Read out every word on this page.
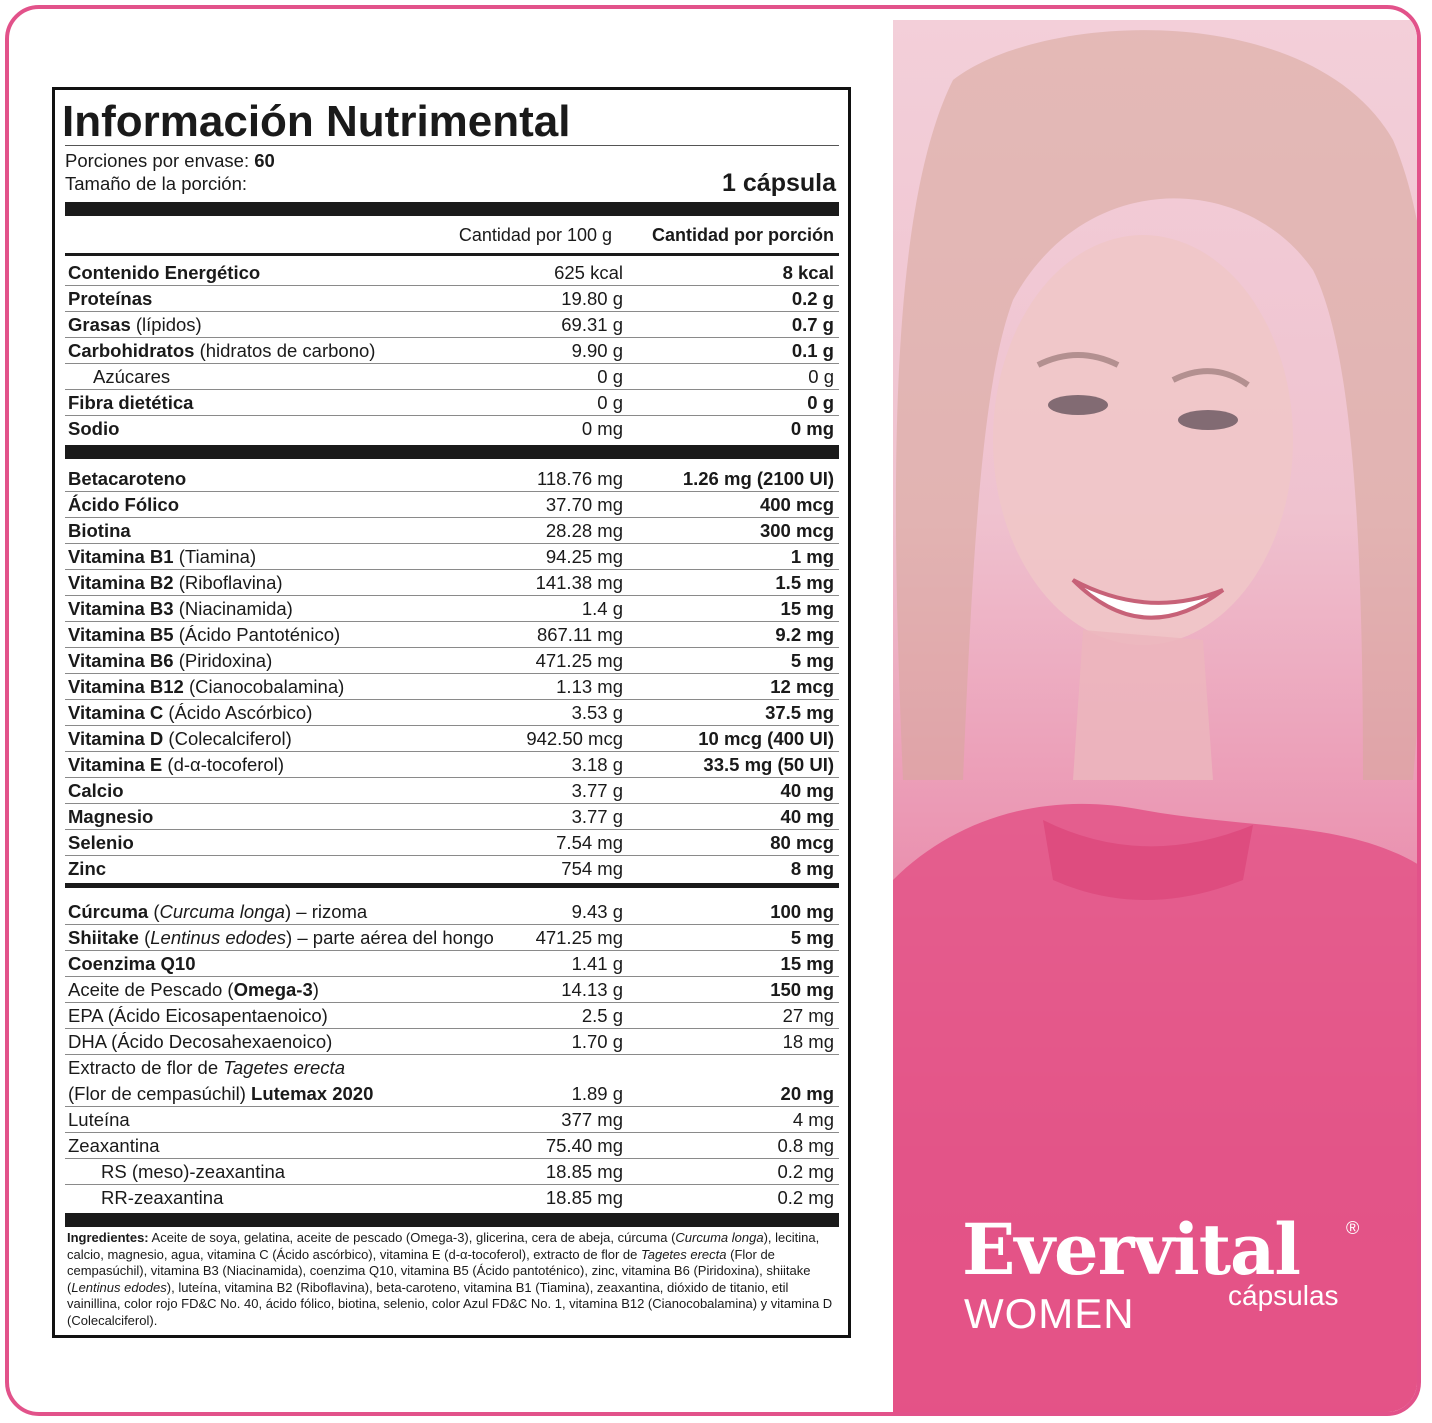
Evervital	®
WOMEN	cápsulas
Información Nutrimental
Porciones por envase: 60
Tamaño de la porción:	1 cápsula
Cantidad por 100 g Cantidad por porción
Ingredientes: Aceite de soya, gelatina, aceite de pescado (Omega-3), glicerina, cera de abeja, cúrcuma (Curcuma longa), lecitina, calcio, magnesio, agua, vitamina C (Ácido ascórbico), vitamina E (d-α-tocoferol), extracto de flor de Tagetes erecta (Flor de cempasúchil), vitamina B3 (Niacinamida), coenzima Q10, vitamina B5 (Ácido pantoténico), zinc, vitamina B6 (Piridoxina), shiitake (Lentinus edodes), luteína, vitamina B2 (Riboflavina), beta-caroteno, vitamina B1 (Tiamina), zeaxantina, dióxido de titanio, etil vainillina, color rojo FD&C No. 40, ácido fólico, biotina, selenio, color Azul FD&C No. 1, vitamina B12 (Cianocobalamina) y vitamina D (Colecalciferol).
Contenido Energético	625 kcal	8 kcal
Proteínas	19.80 g	0.2 g
Grasas (lípidos)	69.31 g	0.7 g
Carbohidratos (hidratos de carbono)	9.90 g	0.1 g
Azúcares	0 g	0 g
Fibra dietética	0 g	0 g
Sodio	0 mg	0 mg
Betacaroteno	118.76 mg	1.26 mg (2100 UI)
Ácido Fólico	37.70 mg	400 mcg
Biotina	28.28 mg	300 mcg
Vitamina B1 (Tiamina)	94.25 mg	1 mg
Vitamina B2 (Riboflavina)	141.38 mg	1.5 mg
Vitamina B3 (Niacinamida)	1.4 g	15 mg
Vitamina B5 (Ácido Pantoténico)	867.11 mg	9.2 mg
Vitamina B6 (Piridoxina)	471.25 mg	5 mg
Vitamina B12 (Cianocobalamina)	1.13 mg	12 mcg
Vitamina C (Ácido Ascórbico)	3.53 g	37.5 mg
Vitamina D (Colecalciferol)	942.50 mcg	10 mcg (400 UI)
Vitamina E (d-α-tocoferol)	3.18 g	33.5 mg (50 UI)
Calcio	3.77 g	40 mg
Magnesio	3.77 g	40 mg
Selenio	7.54 mg	80 mcg
Zinc	754 mg	8 mg
Cúrcuma (Curcuma longa) – rizoma	9.43 g	100 mg
Shiitake (Lentinus edodes) – parte aérea del hongo 471.25 mg	5 mg
Coenzima Q10	1.41 g	15 mg
Aceite de Pescado (Omega-3)	14.13 g	150 mg
EPA (Ácido Eicosapentaenoico)	2.5 g	27 mg
DHA (Ácido Decosahexaenoico)	1.70 g	18 mg
Extracto de flor de Tagetes erecta
(Flor de cempasúchil) Lutemax 2020	1.89 g	20 mg
Luteína	377 mg	4 mg
Zeaxantina	75.40 mg	0.8 mg
RS (meso)-zeaxantina	18.85 mg	0.2 mg
RR-zeaxantina	18.85 mg	0.2 mg
